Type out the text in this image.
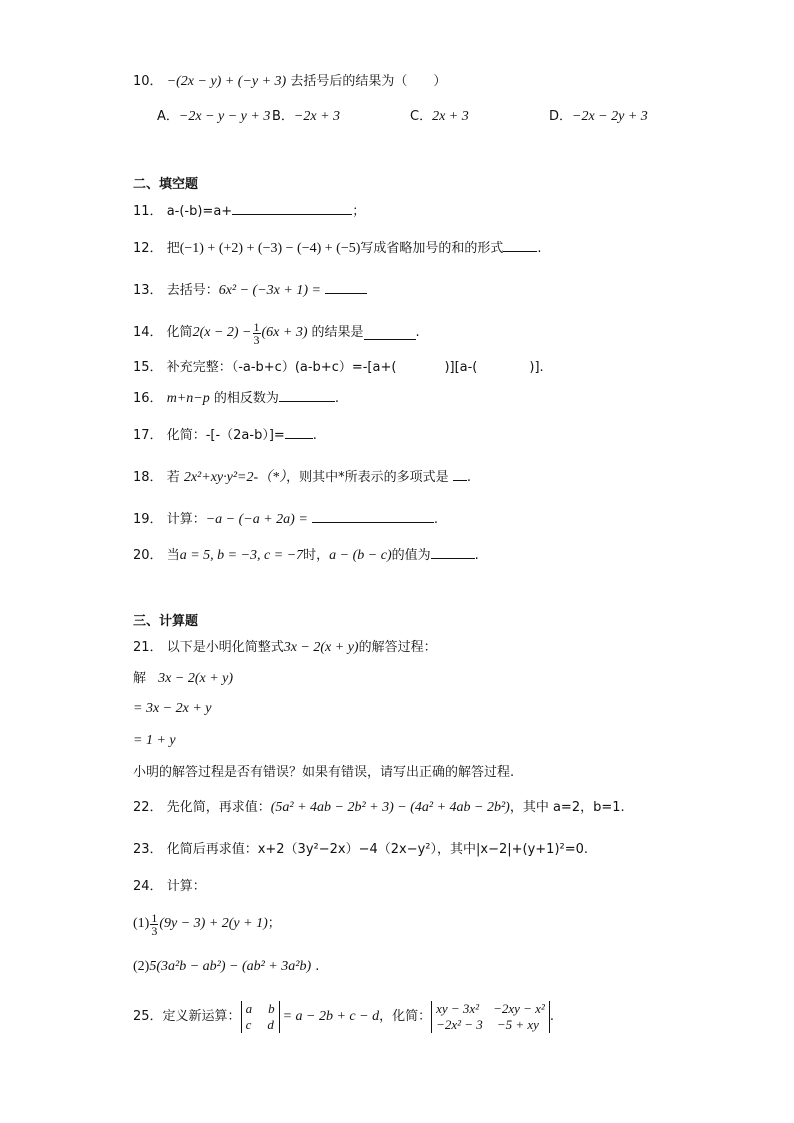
10． −(2x − y) + (−y + 3) 去括号后的结果为（　　）
A．−2x − y − y + 3 B．−2x + 3	C．2x + 3	D．−2x − 2y + 3
二、填空题
11． a-(-b)=a+	；
12． 把(−1) + (+2) + (−3) − (−4) + (−5)写成省略加号的和的形式	.
13． 去括号：6x² − (−3x + 1) =
14． 化简 $2(x - 2) - \frac{1}{3} (6x + 3)$ 的结果是	.
15． 补充完整：（-a-b+c）(a-b+c）=-[a+(	)][a-(	)].
16． m+n−p 的相反数为	.
17． 化简：-[-（2a-b）]= .
18． 若 2x²+xy·y²=2-（*），则其中*所表示的多项式是 .
19． 计算：−a − (−a + 2a) =	.
20． 当a = 5, b = −3, c = −7时，a − (b − c)的值为	.
三、计算题
21． 以下是小明化简整式3x − 2(x + y)的解答过程：
解 3x − 2(x + y)
= 3x − 2x + y
= 1 + y
小明的解答过程是否有错误？如果有错误，请写出正确的解答过程.
22． 先化简，再求值：(5a² + 4ab − 2b² + 3) − (4a² + 4ab − 2b²)，其中 a=2，b=1.
23． 化简后再求值：x+2（3y²−2x）−4（2x−y²），其中|x−2|+(y+1)²=0.
24． 计算：
$(1) \frac{1}{3} (9y - 3) + 2(y + 1)$ ；
(2)5(3a²b − ab²) − (ab² + 3a²b) .
25． 定义新运算：
a b
c d
= a − 2b + c − d ，化简：
xy − 3x² −2xy − x²
−2x² − 3 −5 + xy
.
